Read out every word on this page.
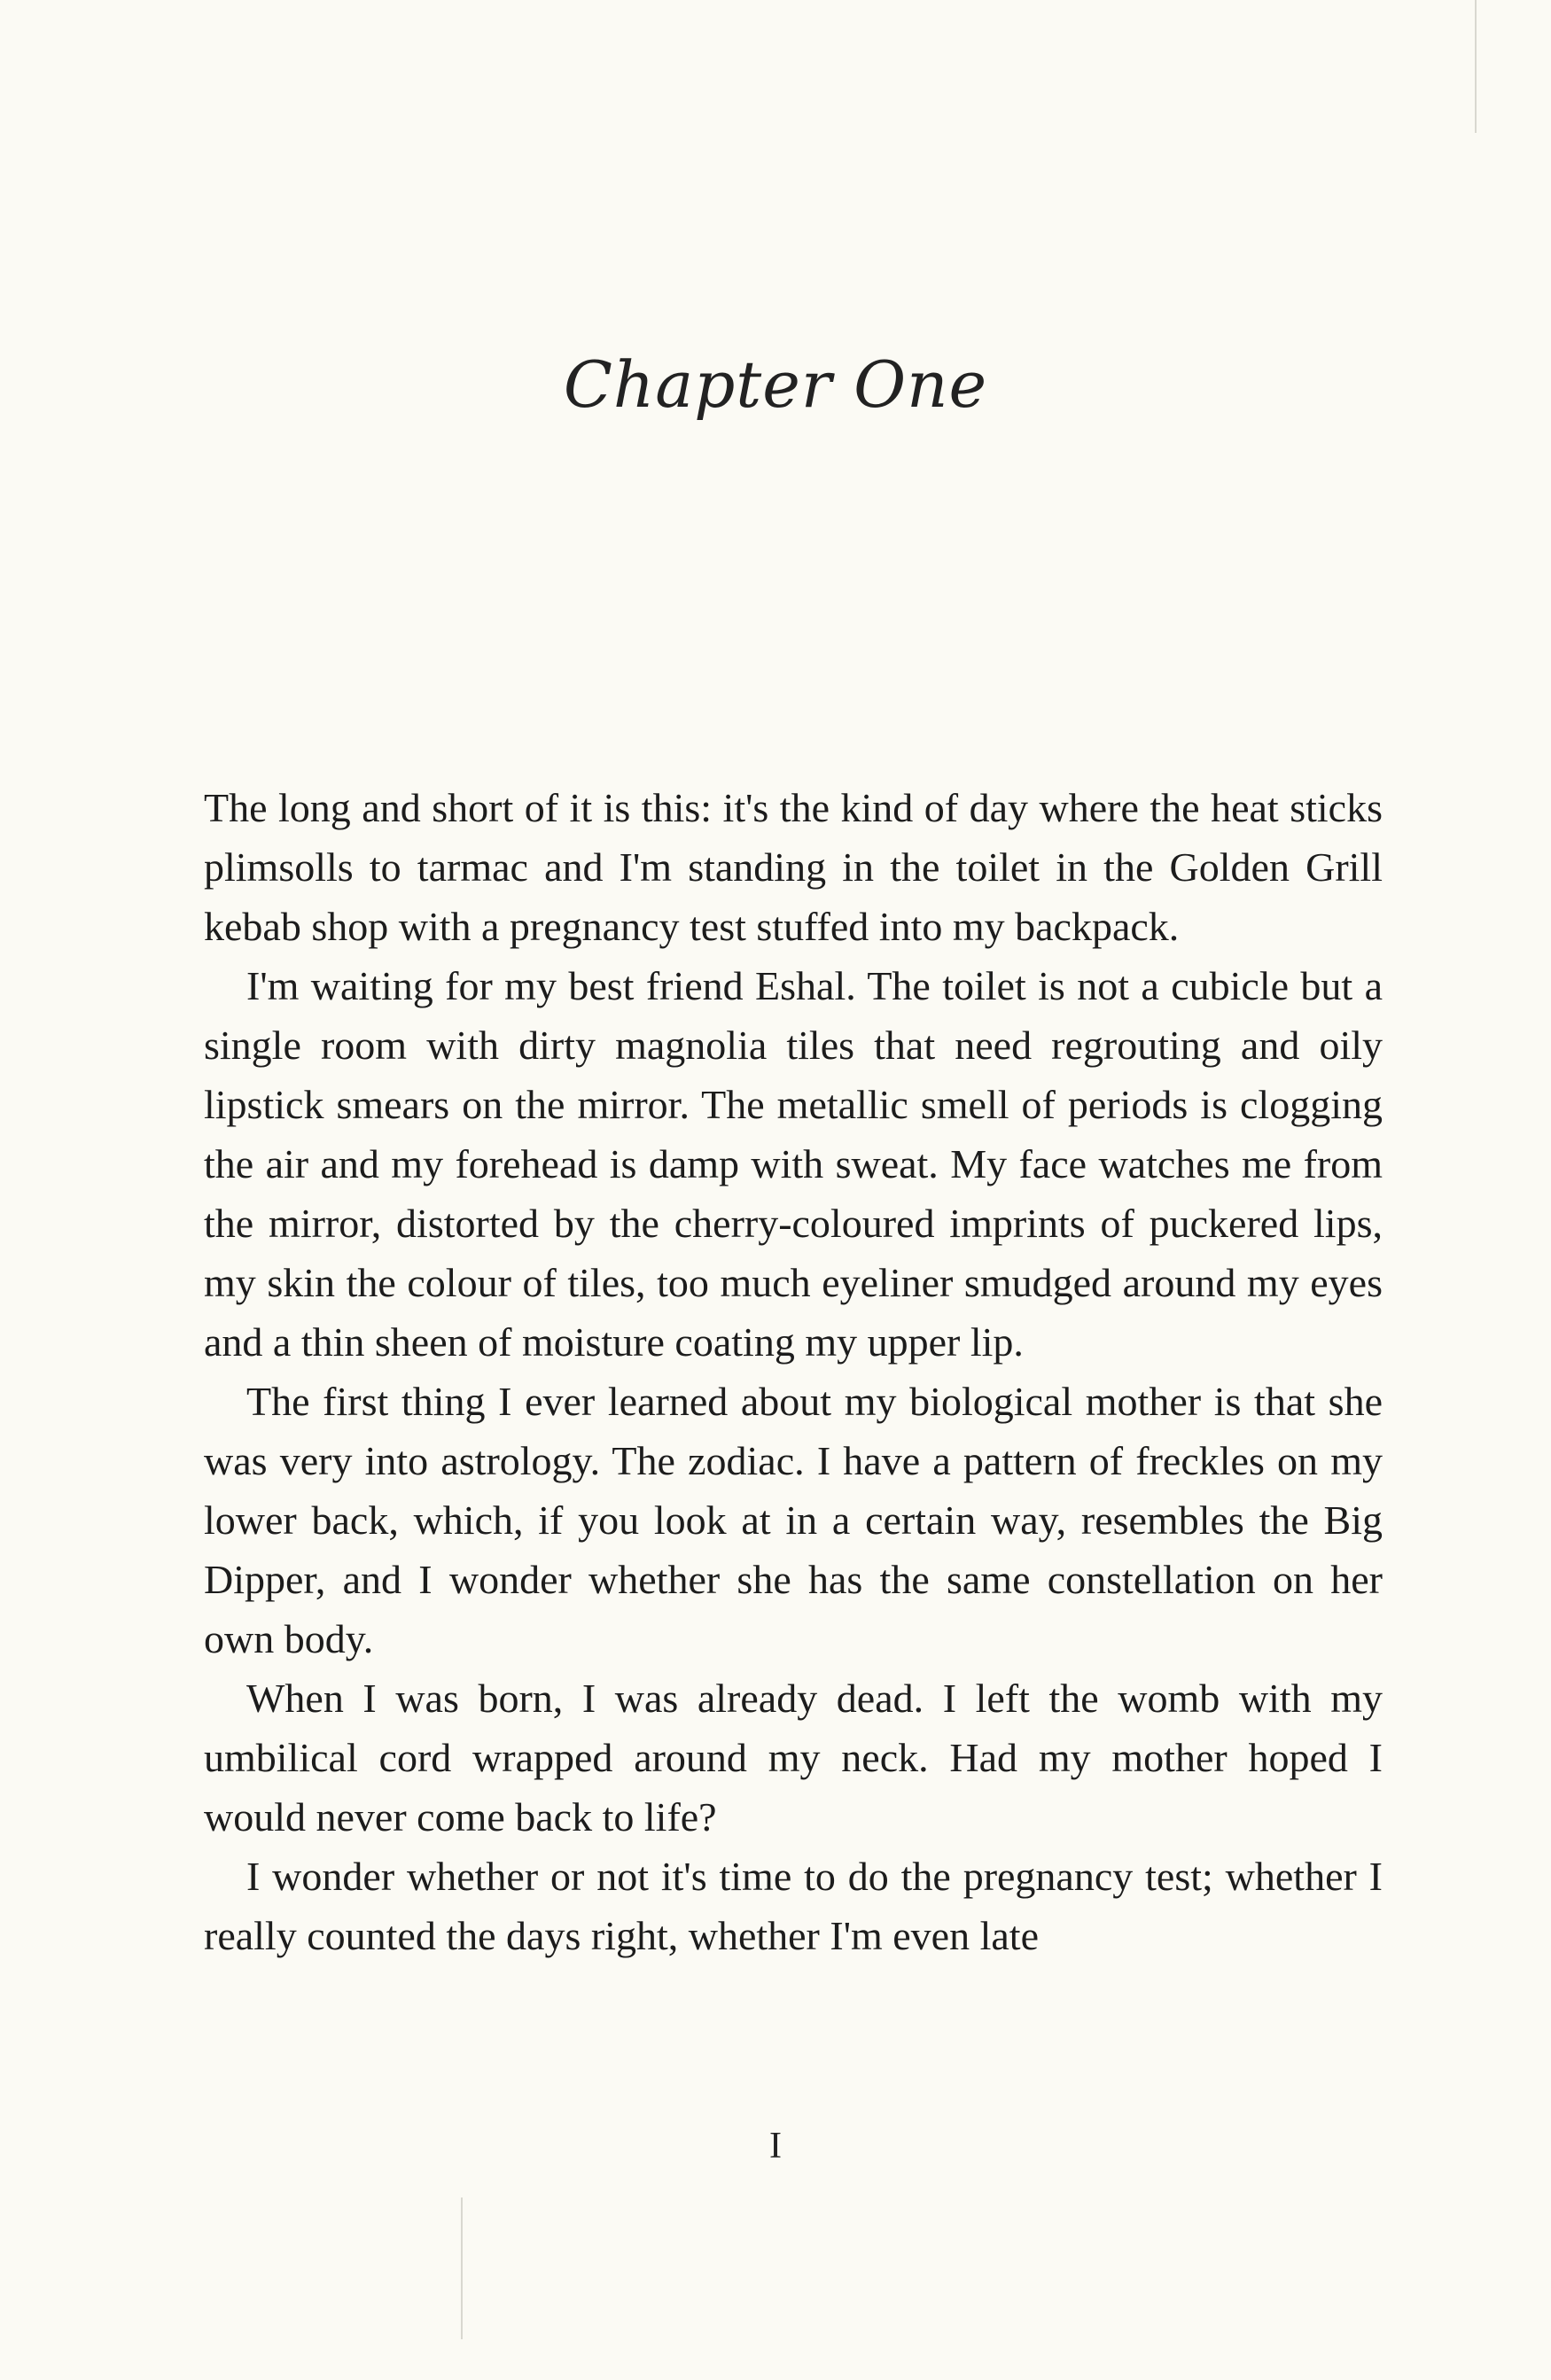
Chapter One

The long and short of it is this: it's the kind of day where the heat sticks plimsolls to tarmac and I'm standing in the toilet in the Golden Grill kebab shop with a pregnancy test stuffed into my backpack.

I'm waiting for my best friend Eshal. The toilet is not a cubicle but a single room with dirty magnolia tiles that need regrouting and oily lipstick smears on the mirror. The metallic smell of periods is clogging the air and my forehead is damp with sweat. My face watches me from the mirror, distorted by the cherry-coloured imprints of puckered lips, my skin the colour of tiles, too much eyeliner smudged around my eyes and a thin sheen of moisture coating my upper lip.

The first thing I ever learned about my biological mother is that she was very into astrology. The zodiac. I have a pattern of freckles on my lower back, which, if you look at in a certain way, resembles the Big Dipper, and I wonder whether she has the same constellation on her own body.

When I was born, I was already dead. I left the womb with my umbilical cord wrapped around my neck. Had my mother hoped I would never come back to life?

I wonder whether or not it's time to do the pregnancy test; whether I really counted the days right, whether I'm even late

I
